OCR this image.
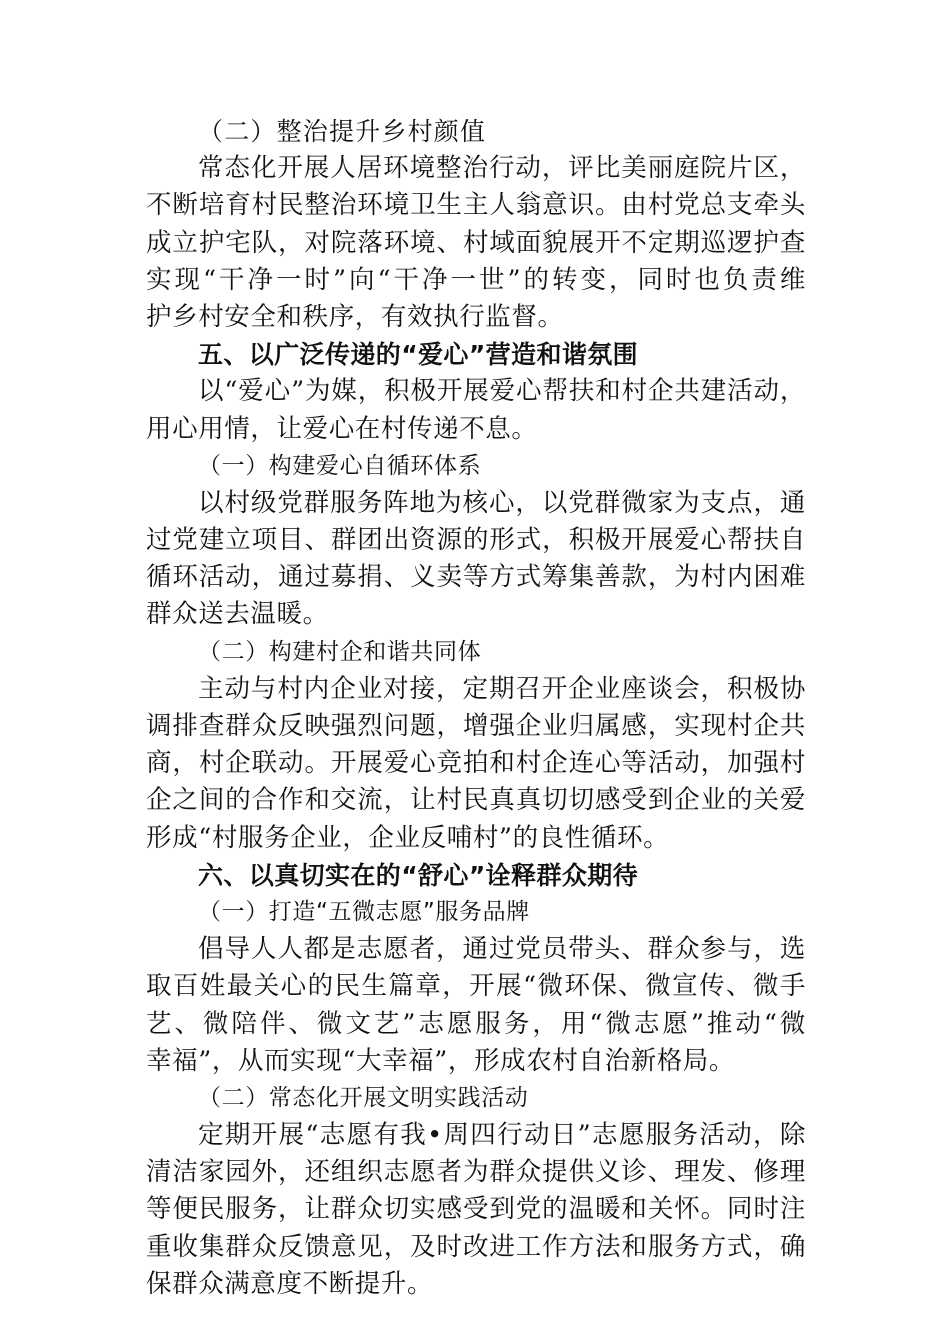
（二）整治提升乡村颜值
常态化开展人居环境整治行动，评比美丽庭院片区，
不断培育村民整治环境卫生主人翁意识。由村党总支牵头
成立护宅队，对院落环境、村域面貌展开不定期巡逻护查
实现“干净一时”向“干净一世”的转变，同时也负责维
护乡村安全和秩序，有效执行监督。
五、以广泛传递的“爱心”营造和谐氛围
以“爱心”为媒，积极开展爱心帮扶和村企共建活动，
用心用情，让爱心在村传递不息。
（一）构建爱心自循环体系
以村级党群服务阵地为核心，以党群微家为支点，通
过党建立项目、群团出资源的形式，积极开展爱心帮扶自
循环活动，通过募捐、义卖等方式筹集善款，为村内困难
群众送去温暖。
（二）构建村企和谐共同体
主动与村内企业对接，定期召开企业座谈会，积极协
调排查群众反映强烈问题，增强企业归属感，实现村企共
商，村企联动。开展爱心竞拍和村企连心等活动，加强村
企之间的合作和交流，让村民真真切切感受到企业的关爱
形成“村服务企业，企业反哺村”的良性循环。
六、以真切实在的“舒心”诠释群众期待
（一）打造“五微志愿”服务品牌
倡导人人都是志愿者，通过党员带头、群众参与，选
取百姓最关心的民生篇章，开展“微环保、微宣传、微手
艺、微陪伴、微文艺”志愿服务，用“微志愿”推动“微
幸福”，从而实现“大幸福”，形成农村自治新格局。
（二）常态化开展文明实践活动
定期开展“志愿有我•周四行动日”志愿服务活动，除
清洁家园外，还组织志愿者为群众提供义诊、理发、修理
等便民服务，让群众切实感受到党的温暖和关怀。同时注
重收集群众反馈意见，及时改进工作方法和服务方式，确
保群众满意度不断提升。
